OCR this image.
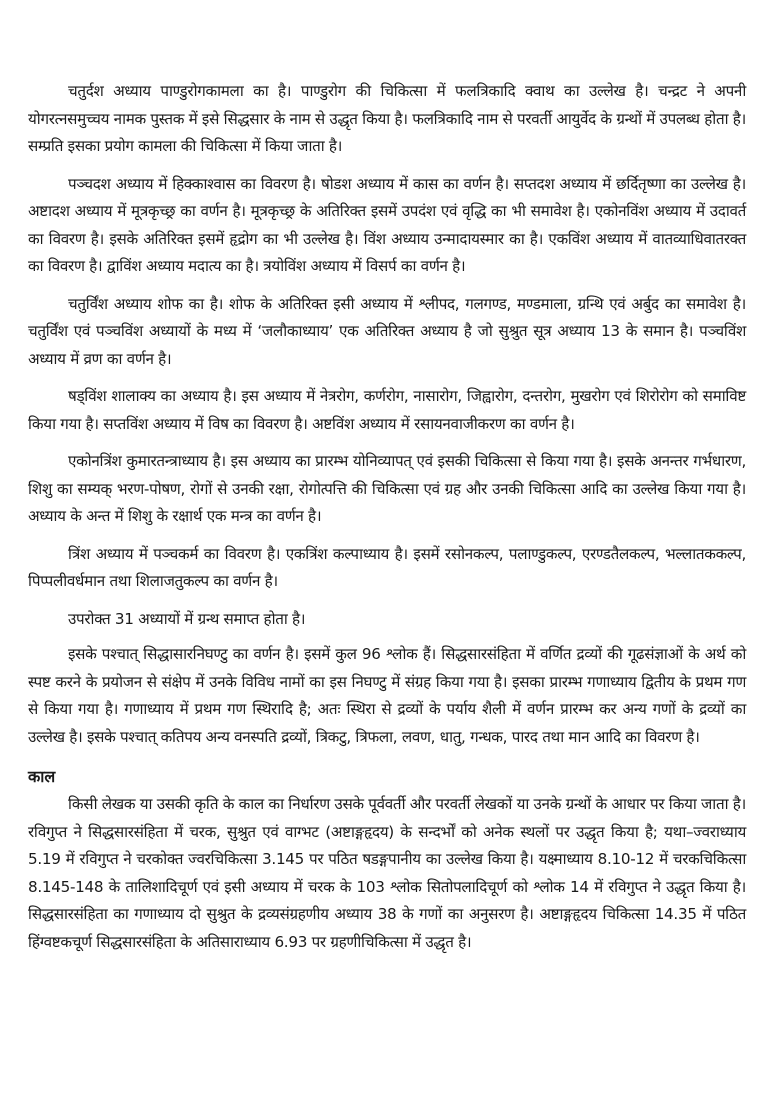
चतुर्दश अध्याय पाण्डुरोगकामला का है। पाण्डुरोग की चिकित्सा में फलत्रिकादि क्वाथ का उल्लेख है। चन्द्रट ने अपनी योगरत्नसमुच्चय नामक पुस्तक में इसे सिद्धसार के नाम से उद्धृत किया है। फलत्रिकादि नाम से परवर्ती आयुर्वेद के ग्रन्थों में उपलब्ध होता है। सम्प्रति इसका प्रयोग कामला की चिकित्सा में किया जाता है।

पञ्चदश अध्याय में हिक्काश्वास का विवरण है। षोडश अध्याय में कास का वर्णन है। सप्तदश अध्याय में छर्दितृष्णा का उल्लेख है। अष्टादश अध्याय में मूत्रकृच्छ्र का वर्णन है। मूत्रकृच्छ्र के अतिरिक्त इसमें उपदंश एवं वृद्धि का भी समावेश है। एकोनविंश अध्याय में उदावर्त का विवरण है। इसके अतिरिक्त इसमें हृद्रोग का भी उल्लेख है। विंश अध्याय उन्मादायस्मार का है। एकविंश अध्याय में वातव्याधिवातरक्त का विवरण है। द्वाविंश अध्याय मदात्य का है। त्रयोविंश अध्याय में विसर्प का वर्णन है।

चतुर्विंश अध्याय शोफ का है। शोफ के अतिरिक्त इसी अध्याय में श्लीपद, गलगण्ड, मण्डमाला, ग्रन्थि एवं अर्बुद का समावेश है। चतुर्विंश एवं पञ्चविंश अध्यायों के मध्य में ‘जलौकाध्याय’ एक अतिरिक्त अध्याय है जो सुश्रुत सूत्र अध्याय 13 के समान है। पञ्चविंश अध्याय में व्रण का वर्णन है।

षड्विंश शालाक्य का अध्याय है। इस अध्याय में नेत्ररोग, कर्णरोग, नासारोग, जिह्वारोग, दन्तरोग, मुखरोग एवं शिरोरोग को समाविष्ट किया गया है। सप्तविंश अध्याय में विष का विवरण है। अष्टविंश अध्याय में रसायनवाजीकरण का वर्णन है।

एकोनत्रिंश कुमारतन्त्राध्याय है। इस अध्याय का प्रारम्भ योनिव्यापत् एवं इसकी चिकित्सा से किया गया है। इसके अनन्तर गर्भधारण, शिशु का सम्यक् भरण-पोषण, रोगों से उनकी रक्षा, रोगोत्पत्ति की चिकित्सा एवं ग्रह और उनकी चिकित्सा आदि का उल्लेख किया गया है। अध्याय के अन्त में शिशु के रक्षार्थ एक मन्त्र का वर्णन है।

त्रिंश अध्याय में पञ्चकर्म का विवरण है। एकत्रिंश कल्पाध्याय है। इसमें रसोनकल्प, पलाण्डुकल्प, एरण्डतैलकल्प, भल्लातककल्प, पिप्पलीवर्धमान तथा शिलाजतुकल्प का वर्णन है।

उपरोक्त 31 अध्यायों में ग्रन्थ समाप्त होता है।

इसके पश्चात् सिद्धासारनिघण्टु का वर्णन है। इसमें कुल 96 श्लोक हैं। सिद्धसारसंहिता में वर्णित द्रव्यों की गूढसंज्ञाओं के अर्थ को स्पष्ट करने के प्रयोजन से संक्षेप में उनके विविध नामों का इस निघण्टु में संग्रह किया गया है। इसका प्रारम्भ गणाध्याय द्वितीय के प्रथम गण से किया गया है। गणाध्याय में प्रथम गण स्थिरादि है; अतः स्थिरा से द्रव्यों के पर्याय शैली में वर्णन प्रारम्भ कर अन्य गणों के द्रव्यों का उल्लेख है। इसके पश्चात् कतिपय अन्य वनस्पति द्रव्यों, त्रिकटु, त्रिफला, लवण, धातु, गन्धक, पारद तथा मान आदि का विवरण है।

काल

किसी लेखक या उसकी कृति के काल का निर्धारण उसके पूर्ववर्ती और परवर्ती लेखकों या उनके ग्रन्थों के आधार पर किया जाता है। रविगुप्त ने सिद्धसारसंहिता में चरक, सुश्रुत एवं वाग्भट (अष्टाङ्गहृदय) के सन्दर्भों को अनेक स्थलों पर उद्धृत किया है; यथा–ज्वराध्याय 5.19 में रविगुप्त ने चरकोक्त ज्वरचिकित्सा 3.145 पर पठित षडङ्गपानीय का उल्लेख किया है। यक्ष्माध्याय 8.10-12 में चरकचिकित्सा 8.145-148 के तालिशादिचूर्ण एवं इसी अध्याय में चरक के 103 श्लोक सितोपलादिचूर्ण को श्लोक 14 में रविगुप्त ने उद्धृत किया है। सिद्धसारसंहिता का गणाध्याय दो सुश्रुत के द्रव्यसंग्रहणीय अध्याय 38 के गणों का अनुसरण है। अष्टाङ्गहृदय चिकित्सा 14.35 में पठित हिंग्वष्टकचूर्ण सिद्धसारसंहिता के अतिसाराध्याय 6.93 पर ग्रहणीचिकित्सा में उद्धृत है।
